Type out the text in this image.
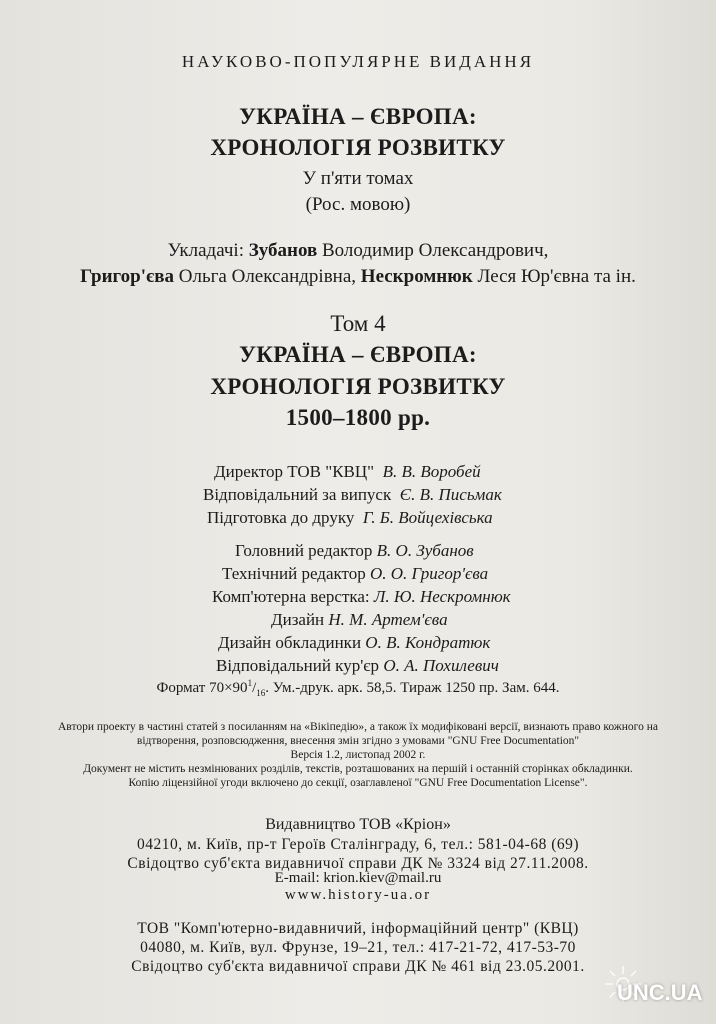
НАУКОВО-ПОПУЛЯРНЕ ВИДАННЯ
УКРАЇНА – ЄВРОПА:
ХРОНОЛОГІЯ РОЗВИТКУ
У п'яти томах
(Рос. мовою)
Укладачі: Зубанов Володимир Олександрович,
Григор'єва Ольга Олександрівна, Нескромнюк Леся Юр'євна та ін.
Том 4
УКРАЇНА – ЄВРОПА:
ХРОНОЛОГІЯ РОЗВИТКУ
1500–1800 рр.
Директор ТОВ "КВЦ" В. В. Воробей
Відповідальний за випуск Є. В. Письмак
Підготовка до друку Г. Б. Войцехівська
Головний редактор В. О. Зубанов
Технічний редактор О. О. Григор'єва
Комп'ютерна верстка: Л. Ю. Нескромнюк
Дизайн Н. М. Артем'єва
Дизайн обкладинки О. В. Кондратюк
Відповідальний кур'єр О. А. Похилевич
Формат $70\times 90^1/_{16}$. Ум.-друк. арк. 58,5. Тираж 1250 пр. Зам. 644.
Автори проекту в частині статей з посиланням на «Вікіпедію», а також їх модифіковані версії, визнають право кожного на
відтворення, розповсюдження, внесення змін згідно з умовами "GNU Free Documentation"
Версія 1.2, листопад 2002 г.
Документ не містить незмінюваних розділів, текстів, розташованих на першій і останній сторінках обкладинки.
Копію ліцензійної угоди включено до секції, озаглавленої "GNU Free Documentation License".
Видавництво ТОВ «Кріон»
04210, м. Київ, пр-т Героїв Сталінграду, 6, тел.: 581-04-68 (69)
Свідоцтво суб'єкта видавничої справи ДК № 3324 від 27.11.2008.
E-mail: krion.kiev@mail.ru
www.history-ua.or
ТОВ "Комп'ютерно-видавничий, інформаційний центр" (КВЦ)
04080, м. Київ, вул. Фрунзе, 19–21, тел.: 417-21-72, 417-53-70
Свідоцтво суб'єкта видавничої справи ДК № 461 від 23.05.2001.
UNC.UA
